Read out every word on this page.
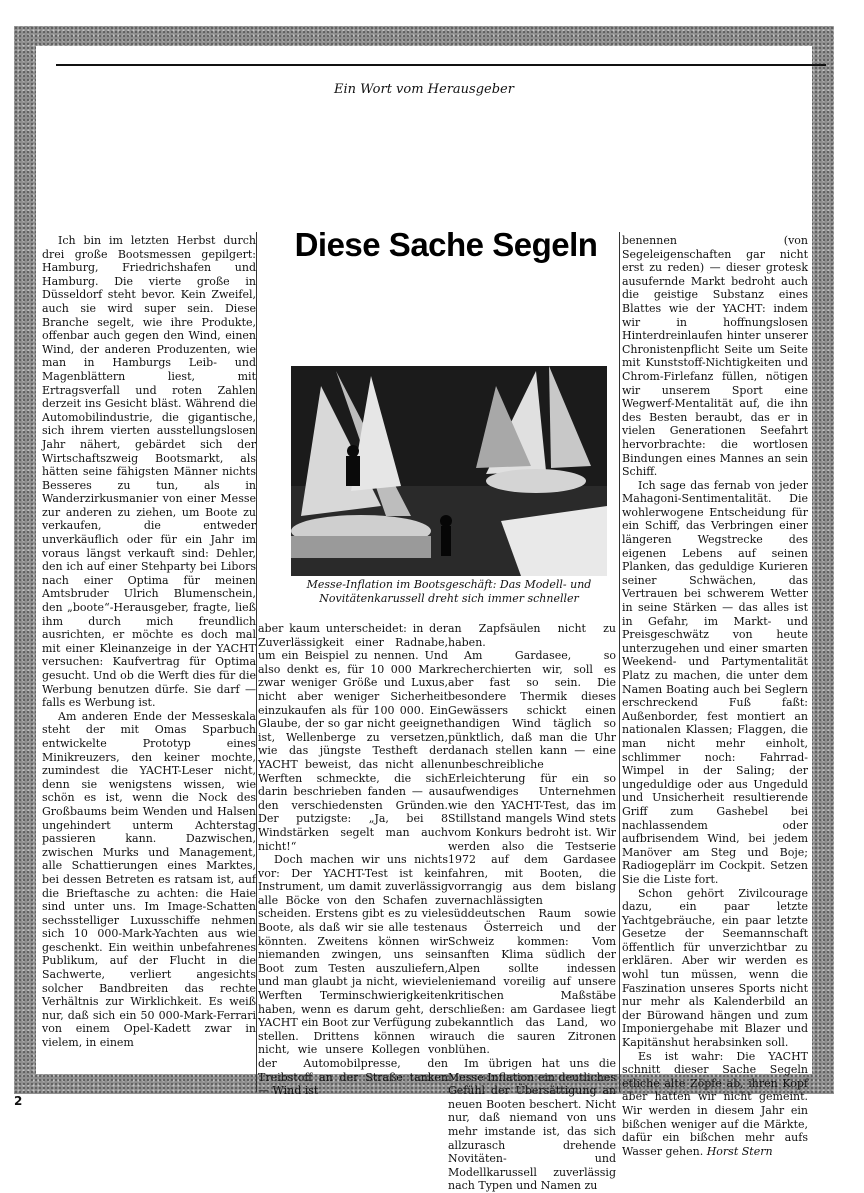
Ein Wort vom Herausgeber

Ich bin im letzten Herbst durch drei große Bootsmessen gepilgert: Hamburg, Friedrichshafen und Hamburg. Die vierte große in Düsseldorf steht bevor. Kein Zweifel, auch sie wird super sein. Diese Branche segelt, wie ihre Produkte, offenbar auch gegen den Wind, einen Wind, der anderen Produzenten, wie man in Hamburgs Leib- und Magenblättern liest, mit Ertragsverfall und roten Zahlen derzeit ins Gesicht bläst. Während die Automobilindustrie, die gigantische, sich ihrem vierten ausstellungslosen Jahr nähert, gebärdet sich der Wirtschaftszweig Bootsmarkt, als hätten seine fähigsten Männer nichts Besseres zu tun, als in Wanderzirkusmanier von einer Messe zur anderen zu ziehen, um Boote zu verkaufen, die entweder unverkäuflich oder für ein Jahr im voraus längst verkauft sind: Dehler, den ich auf einer Stehparty bei Libors nach einer Optima für meinen Amtsbruder Ulrich Blumenschein, den „boote“-Herausgeber, fragte, ließ ihm durch mich freundlich ausrichten, er möchte es doch mal mit einer Kleinanzeige in der YACHT versuchen: Kaufvertrag für Optima gesucht. Und ob die Werft dies für die Werbung benutzen dürfe. Sie darf — falls es Werbung ist.

Am anderen Ende der Messeskala steht der mit Omas Sparbuch entwickelte Prototyp eines Minikreuzers, den keiner mochte, zumindest die YACHT-Leser nicht, denn sie wenigstens wissen, wie schön es ist, wenn die Nock des Großbaums beim Wenden und Halsen ungehindert unterm Achterstag passieren kann. Dazwischen, zwischen Murks und Management, alle Schattierungen eines Marktes, bei dessen Betreten es ratsam ist, auf die Brieftasche zu achten: die Haie sind unter uns. Im Image-Schatten sechsstelliger Luxusschiffe nehmen sich 10 000-Mark-Yachten aus wie geschenkt. Ein weithin unbefahrenes Publikum, auf der Flucht in die Sachwerte, verliert angesichts solcher Bandbreiten das rechte Verhältnis zur Wirklichkeit. Es weiß nur, daß sich ein 50 000-Mark-Ferrari von einem Opel-Kadett zwar in vielem, in einem

Diese Sache Segeln
Messe-Inflation im Bootsgeschäft: Das Modell- und Novitätenkarussell dreht sich immer schneller

aber kaum unterscheidet: in der Zuverlässigkeit einer Radnabe, um ein Beispiel zu nennen. Und also denkt es, für 10 000 Mark zwar weniger Größe und Luxus, nicht aber weniger Sicherheit einzukaufen als für 100 000. Ein Glaube, der so gar nicht geeignet ist, Wellenberge zu versetzen, wie das jüngste Testheft der YACHT beweist, das nicht allen Werften schmeckte, die sich darin beschrieben fanden — aus den verschiedensten Gründen. Der putzigste: „Ja, bei 8 Windstärken segelt man auch nicht!“

Doch machen wir uns nichts vor: Der YACHT-Test ist kein Instrument, um damit zuverlässig alle Böcke von den Schafen zu scheiden. Erstens gibt es zu viele Boote, als daß wir sie alle testen könnten. Zweitens können wir niemanden zwingen, uns sein Boot zum Testen auszuliefern, und man glaubt ja nicht, wieviele Werften Terminschwierigkeiten haben, wenn es darum geht, der YACHT ein Boot zur Verfügung zu stellen. Drittens können wir nicht, wie unsere Kollegen von der Automobilpresse, den Treibstoff an der Straße tanken — Wind ist

an Zapfsäulen nicht zu haben.

Am Gardasee, so recherchierten wir, soll es aber fast so sein. Die besondere Thermik dieses Gewässers schickt einen handigen Wind täglich so pünktlich, daß man die Uhr danach stellen kann — eine unbeschreibliche Erleichterung für ein so aufwendiges Unternehmen wie den YACHT-Test, das im Stillstand mangels Wind stets vom Konkurs bedroht ist. Wir werden also die Testserie 1972 auf dem Gardasee fahren, mit Booten, die vorrangig aus dem bislang vernachlässigten süddeutschen Raum sowie aus Österreich und der Schweiz kommen: Vom sanften Klima südlich der Alpen sollte indessen niemand voreilig auf unsere kritischen Maßstäbe schließen: am Gardasee liegt bekanntlich das Land, wo auch die sauren Zitronen blühen.

Im übrigen hat uns die Messe-Inflation ein deutliches Gefühl der Übersättigung an neuen Booten beschert. Nicht nur, daß niemand von uns mehr imstande ist, das sich allzurasch drehende Novitäten- und Modellkarussell zuverlässig nach Typen und Namen zu

benennen (von Segeleigenschaften gar nicht erst zu reden) — dieser grotesk ausufernde Markt bedroht auch die geistige Substanz eines Blattes wie der YACHT: indem wir in hoffnungslosen Hinterdreinlaufen hinter unserer Chronistenpflicht Seite um Seite mit Kunststoff-Nichtigkeiten und Chrom-Firlefanz füllen, nötigen wir unserem Sport eine Wegwerf-Mentalität auf, die ihn des Besten beraubt, das er in vielen Generationen Seefahrt hervorbrachte: die wortlosen Bindungen eines Mannes an sein Schiff.

Ich sage das fernab von jeder Mahagoni-Sentimentalität. Die wohlerwogene Entscheidung für ein Schiff, das Verbringen einer längeren Wegstrecke des eigenen Lebens auf seinen Planken, das geduldige Kurieren seiner Schwächen, das Vertrauen bei schwerem Wetter in seine Stärken — das alles ist in Gefahr, im Markt- und Preisgeschwätz von heute unterzugehen und einer smarten Weekend- und Partymentalität Platz zu machen, die unter dem Namen Boating auch bei Seglern erschreckend Fuß faßt: Außenborder, fest montiert an nationalen Klassen; Flaggen, die man nicht mehr einholt, schlimmer noch: Fahrrad-Wimpel in der Saling; der ungeduldige oder aus Ungeduld und Unsicherheit resultierende Griff zum Gashebel bei nachlassendem oder aufbrisendem Wind, bei jedem Manöver am Steg und Boje; Radiogeplärr im Cockpit. Setzen Sie die Liste fort.

Schon gehört Zivilcourage dazu, ein paar letzte Yachtgebräuche, ein paar letzte Gesetze der Seemannschaft öffentlich für unverzichtbar zu erklären. Aber wir werden es wohl tun müssen, wenn die Faszination unseres Sports nicht nur mehr als Kalenderbild an der Bürowand hängen und zum Imponiergehabe mit Blazer und Kapitänshut herabsinken soll.

Es ist wahr: Die YACHT schnitt dieser Sache Segeln etliche alte Zöpfe ab, ihren Kopf aber hatten wir nicht gemeint. Wir werden in diesem Jahr ein bißchen weniger auf die Märkte, dafür ein bißchen mehr aufs Wasser gehen. Horst Stern

2
